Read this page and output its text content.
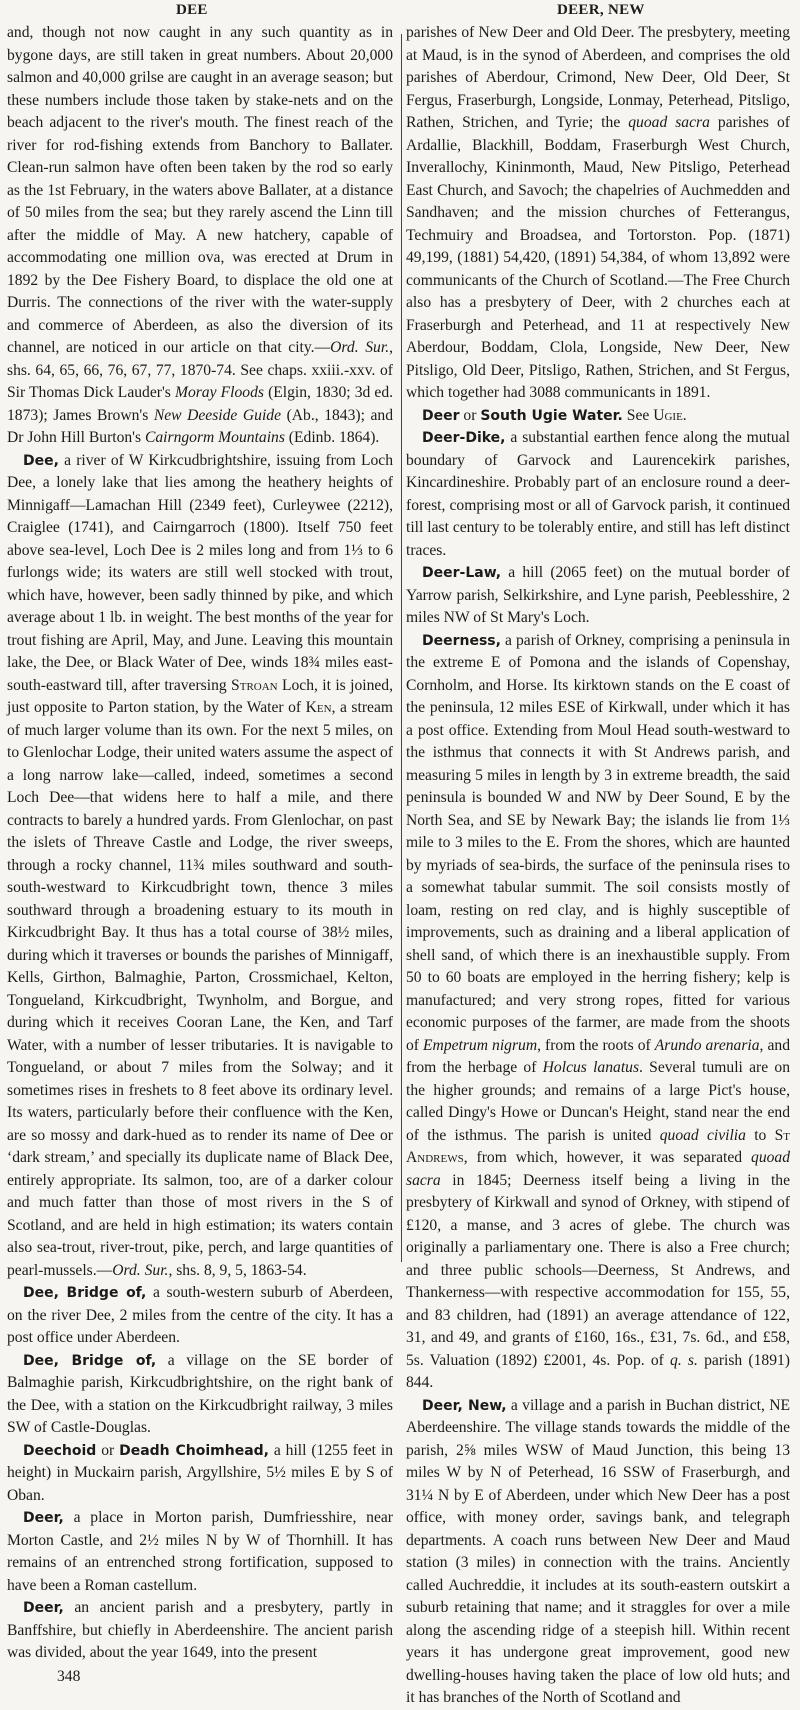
DEE	DEER, NEW

and, though not now caught in any such quantity as in bygone days, are still taken in great numbers. About 20,000 salmon and 40,000 grilse are caught in an average season; but these numbers include those taken by stake-nets and on the beach adjacent to the river's mouth. The finest reach of the river for rod-fishing extends from Banchory to Ballater. Clean-run salmon have often been taken by the rod so early as the 1st February, in the waters above Ballater, at a distance of 50 miles from the sea; but they rarely ascend the Linn till after the middle of May. A new hatchery, capable of accommodating one million ova, was erected at Drum in 1892 by the Dee Fishery Board, to displace the old one at Durris. The connections of the river with the water-supply and commerce of Aberdeen, as also the diversion of its channel, are noticed in our article on that city.—Ord. Sur., shs. 64, 65, 66, 76, 67, 77, 1870-74. See chaps. xxiii.-xxv. of Sir Thomas Dick Lauder's Moray Floods (Elgin, 1830; 3d ed. 1873); James Brown's New Deeside Guide (Ab., 1843); and Dr John Hill Burton's Cairngorm Mountains (Edinb. 1864).

Dee, a river of W Kirkcudbrightshire, issuing from Loch Dee, a lonely lake that lies among the heathery heights of Minnigaff—Lamachan Hill (2349 feet), Curleywee (2212), Craiglee (1741), and Cairngarroch (1800). Itself 750 feet above sea-level, Loch Dee is 2 miles long and from 1⅓ to 6 furlongs wide; its waters are still well stocked with trout, which have, however, been sadly thinned by pike, and which average about 1 lb. in weight. The best months of the year for trout fishing are April, May, and June. Leaving this mountain lake, the Dee, or Black Water of Dee, winds 18¾ miles east-south-eastward till, after traversing Stroan Loch, it is joined, just opposite to Parton station, by the Water of Ken, a stream of much larger volume than its own. For the next 5 miles, on to Glenlochar Lodge, their united waters assume the aspect of a long narrow lake—called, indeed, sometimes a second Loch Dee—that widens here to half a mile, and there contracts to barely a hundred yards. From Glenlochar, on past the islets of Threave Castle and Lodge, the river sweeps, through a rocky channel, 11¾ miles southward and south-south-westward to Kirkcudbright town, thence 3 miles southward through a broadening estuary to its mouth in Kirkcudbright Bay. It thus has a total course of 38½ miles, during which it traverses or bounds the parishes of Minnigaff, Kells, Girthon, Balmaghie, Parton, Crossmichael, Kelton, Tongueland, Kirkcudbright, Twynholm, and Borgue, and during which it receives Cooran Lane, the Ken, and Tarf Water, with a number of lesser tributaries. It is navigable to Tongueland, or about 7 miles from the Solway; and it sometimes rises in freshets to 8 feet above its ordinary level. Its waters, particularly before their confluence with the Ken, are so mossy and dark-hued as to render its name of Dee or ‘dark stream,’ and specially its duplicate name of Black Dee, entirely appropriate. Its salmon, too, are of a darker colour and much fatter than those of most rivers in the S of Scotland, and are held in high estimation; its waters contain also sea-trout, river-trout, pike, perch, and large quantities of pearl-mussels.—Ord. Sur., shs. 8, 9, 5, 1863-54.

Dee, Bridge of, a south-western suburb of Aberdeen, on the river Dee, 2 miles from the centre of the city. It has a post office under Aberdeen.

Dee, Bridge of, a village on the SE border of Balmaghie parish, Kirkcudbrightshire, on the right bank of the Dee, with a station on the Kirkcudbright railway, 3 miles SW of Castle-Douglas.

Deechoid or Deadh Choimhead, a hill (1255 feet in height) in Muckairn parish, Argyllshire, 5½ miles E by S of Oban.

Deer, a place in Morton parish, Dumfriesshire, near Morton Castle, and 2½ miles N by W of Thornhill. It has remains of an entrenched strong fortification, supposed to have been a Roman castellum.

Deer, an ancient parish and a presbytery, partly in Banffshire, but chiefly in Aberdeenshire. The ancient parish was divided, about the year 1649, into the present

348

parishes of New Deer and Old Deer. The presbytery, meeting at Maud, is in the synod of Aberdeen, and comprises the old parishes of Aberdour, Crimond, New Deer, Old Deer, St Fergus, Fraserburgh, Longside, Lonmay, Peterhead, Pitsligo, Rathen, Strichen, and Tyrie; the quoad sacra parishes of Ardallie, Blackhill, Boddam, Fraserburgh West Church, Inverallochy, Kininmonth, Maud, New Pitsligo, Peterhead East Church, and Savoch; the chapelries of Auchmedden and Sandhaven; and the mission churches of Fetterangus, Techmuiry and Broadsea, and Tortorston. Pop. (1871) 49,199, (1881) 54,420, (1891) 54,384, of whom 13,892 were communicants of the Church of Scotland.—The Free Church also has a presbytery of Deer, with 2 churches each at Fraserburgh and Peterhead, and 11 at respectively New Aberdour, Boddam, Clola, Longside, New Deer, New Pitsligo, Old Deer, Pitsligo, Rathen, Strichen, and St Fergus, which together had 3088 communicants in 1891.

Deer or South Ugie Water. See Ugie.

Deer-Dike, a substantial earthen fence along the mutual boundary of Garvock and Laurencekirk parishes, Kincardineshire. Probably part of an enclosure round a deer-forest, comprising most or all of Garvock parish, it continued till last century to be tolerably entire, and still has left distinct traces.

Deer-Law, a hill (2065 feet) on the mutual border of Yarrow parish, Selkirkshire, and Lyne parish, Peeblesshire, 2 miles NW of St Mary's Loch.

Deerness, a parish of Orkney, comprising a peninsula in the extreme E of Pomona and the islands of Copenshay, Cornholm, and Horse. Its kirktown stands on the E coast of the peninsula, 12 miles ESE of Kirkwall, under which it has a post office. Extending from Moul Head south-westward to the isthmus that connects it with St Andrews parish, and measuring 5 miles in length by 3 in extreme breadth, the said peninsula is bounded W and NW by Deer Sound, E by the North Sea, and SE by Newark Bay; the islands lie from 1⅓ mile to 3 miles to the E. From the shores, which are haunted by myriads of sea-birds, the surface of the peninsula rises to a somewhat tabular summit. The soil consists mostly of loam, resting on red clay, and is highly susceptible of improvements, such as draining and a liberal application of shell sand, of which there is an inexhaustible supply. From 50 to 60 boats are employed in the herring fishery; kelp is manufactured; and very strong ropes, fitted for various economic purposes of the farmer, are made from the shoots of Empetrum nigrum, from the roots of Arundo arenaria, and from the herbage of Holcus lanatus. Several tumuli are on the higher grounds; and remains of a large Pict's house, called Dingy's Howe or Duncan's Height, stand near the end of the isthmus. The parish is united quoad civilia to St Andrews, from which, however, it was separated quoad sacra in 1845; Deerness itself being a living in the presbytery of Kirkwall and synod of Orkney, with stipend of £120, a manse, and 3 acres of glebe. The church was originally a parliamentary one. There is also a Free church; and three public schools—Deerness, St Andrews, and Thankerness—with respective accommodation for 155, 55, and 83 children, had (1891) an average attendance of 122, 31, and 49, and grants of £160, 16s., £31, 7s. 6d., and £58, 5s. Valuation (1892) £2001, 4s. Pop. of q. s. parish (1891) 844.

Deer, New, a village and a parish in Buchan district, NE Aberdeenshire. The village stands towards the middle of the parish, 2⅝ miles WSW of Maud Junction, this being 13 miles W by N of Peterhead, 16 SSW of Fraserburgh, and 31¼ N by E of Aberdeen, under which New Deer has a post office, with money order, savings bank, and telegraph departments. A coach runs between New Deer and Maud station (3 miles) in connection with the trains. Anciently called Auchreddie, it includes at its south-eastern outskirt a suburb retaining that name; and it straggles for over a mile along the ascending ridge of a steepish hill. Within recent years it has undergone great improvement, good new dwelling-houses having taken the place of low old huts; and it has branches of the North of Scotland and
